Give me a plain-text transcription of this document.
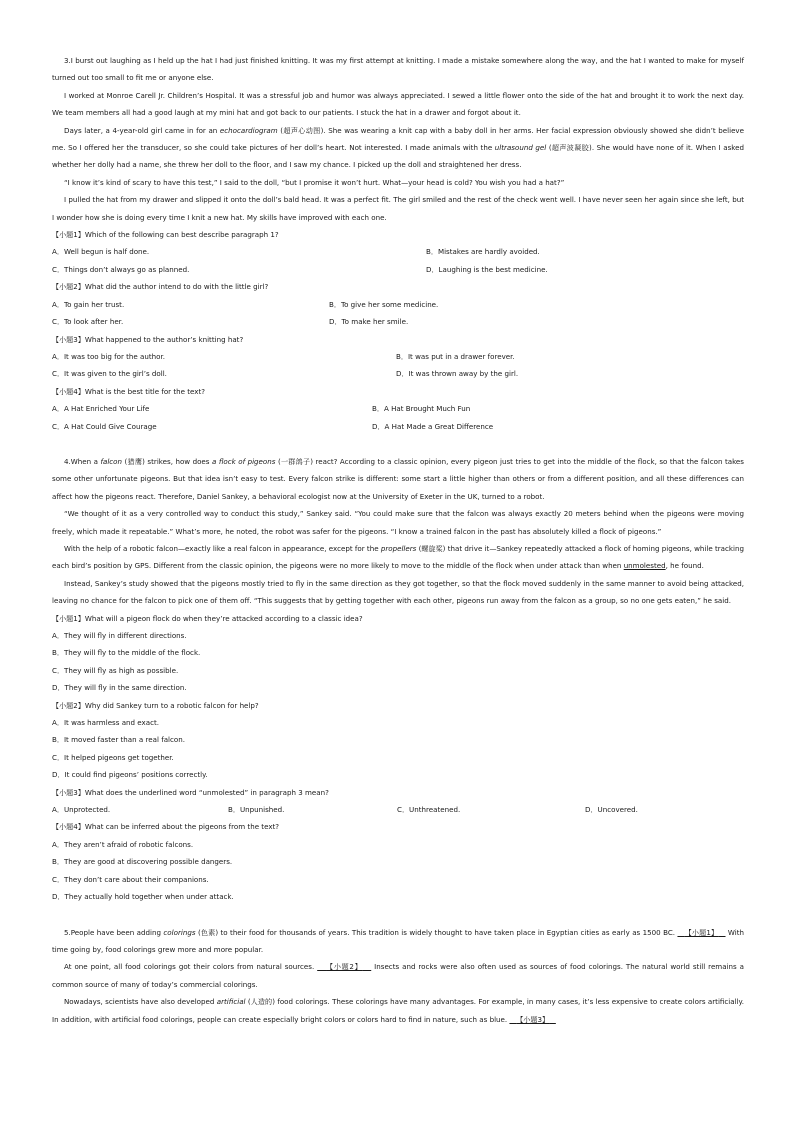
3.I burst out laughing as I held up the hat I had just finished knitting. It was my first attempt at knitting. I made a mistake somewhere along the way, and the hat I wanted to make for myself turned out too small to fit me or anyone else.

I worked at Monroe Carell Jr. Children’s Hospital. It was a stressful job and humor was always appreciated. I sewed a little flower onto the side of the hat and brought it to work the next day. We team members all had a good laugh at my mini hat and got back to our patients. I stuck the hat in a drawer and forgot about it.

Days later, a 4-year-old girl came in for an echocardiogram (超声心动图). She was wearing a knit cap with a baby doll in her arms. Her facial expression obviously showed she didn’t believe me. So I offered her the transducer, so she could take pictures of her doll’s heart. Not interested. I made animals with the ultrasound gel (超声波凝胶). She would have none of it. When I asked whether her dolly had a name, she threw her doll to the floor, and I saw my chance. I picked up the doll and straightened her dress.

“I know it’s kind of scary to have this test,” I said to the doll, “but I promise it won’t hurt. What—your head is cold? You wish you had a hat?”

I pulled the hat from my drawer and slipped it onto the doll’s bald head. It was a perfect fit. The girl smiled and the rest of the check went well. I have never seen her again since she left, but I wonder how she is doing every time I knit a new hat. My skills have improved with each one.

【小题1】Which of the following can best describe paragraph 1?

A．Well begun is half done.	B．Mistakes are hardly avoided.
C．Things don’t always go as planned.	D．Laughing is the best medicine.

【小题2】What did the author intend to do with the little girl?

A．To gain her trust.	B．To give her some medicine.
C．To look after her.	D．To make her smile.

【小题3】What happened to the author’s knitting hat?

A．It was too big for the author.	B．It was put in a drawer forever.
C．It was given to the girl’s doll.	D．It was thrown away by the girl.

【小题4】What is the best title for the text?

A．A Hat Enriched Your Life	B．A Hat Brought Much Fun
C．A Hat Could Give Courage	D．A Hat Made a Great Difference

4.When a falcon (猎鹰) strikes, how does a flock of pigeons (一群鸽子) react? According to a classic opinion, every pigeon just tries to get into the middle of the flock, so that the falcon takes some other unfortunate pigeons. But that idea isn’t easy to test. Every falcon strike is different: some start a little higher than others or from a different position, and all these differences can affect how the pigeons react. Therefore, Daniel Sankey, a behavioral ecologist now at the University of Exeter in the UK, turned to a robot.

“We thought of it as a very controlled way to conduct this study,” Sankey said. “You could make sure that the falcon was always exactly 20 meters behind when the pigeons were moving freely, which made it repeatable.” What’s more, he noted, the robot was safer for the pigeons. “I know a trained falcon in the past has absolutely killed a flock of pigeons.”

With the help of a robotic falcon—exactly like a real falcon in appearance, except for the propellers (螺旋桨) that drive it—Sankey repeatedly attacked a flock of homing pigeons, while tracking each bird’s position by GPS. Different from the classic opinion, the pigeons were no more likely to move to the middle of the flock when under attack than when unmolested, he found.

Instead, Sankey’s study showed that the pigeons mostly tried to fly in the same direction as they got together, so that the flock moved suddenly in the same manner to avoid being attacked, leaving no chance for the falcon to pick one of them off. “This suggests that by getting together with each other, pigeons run away from the falcon as a group, so no one gets eaten,” he said.

【小题1】What will a pigeon flock do when they’re attacked according to a classic idea?

A．They will fly in different directions.

B．They will fly to the middle of the flock.

C．They will fly as high as possible.

D．They will fly in the same direction.

【小题2】Why did Sankey turn to a robotic falcon for help?

A．It was harmless and exact.

B．It moved faster than a real falcon.

C．It helped pigeons get together.

D．It could find pigeons’ positions correctly.

【小题3】What does the underlined word “unmolested” in paragraph 3 mean?

A．Unprotected.	B．Unpunished.	C．Unthreatened.	D．Uncovered.

【小题4】What can be inferred about the pigeons from the text?

A．They aren’t afraid of robotic falcons.

B．They are good at discovering possible dangers.

C．They don’t care about their companions.

D．They actually hold together when under attack.

5.People have been adding colorings (色素) to their food for thousands of years. This tradition is widely thought to have taken place in Egyptian cities as early as 1500 BC.    【小题1】    With time going by, food colorings grew more and more popular.

At one point, all food colorings got their colors from natural sources.    【小题2】    Insects and rocks were also often used as sources of food colorings. The natural world still remains a common source of many of today’s commercial colorings.

Nowadays, scientists have also developed artificial (人造的) food colorings. These colorings have many advantages. For example, in many cases, it’s less expensive to create colors artificially. In addition, with artificial food colorings, people can create especially bright colors or colors hard to find in nature, such as blue.    【小题3】
